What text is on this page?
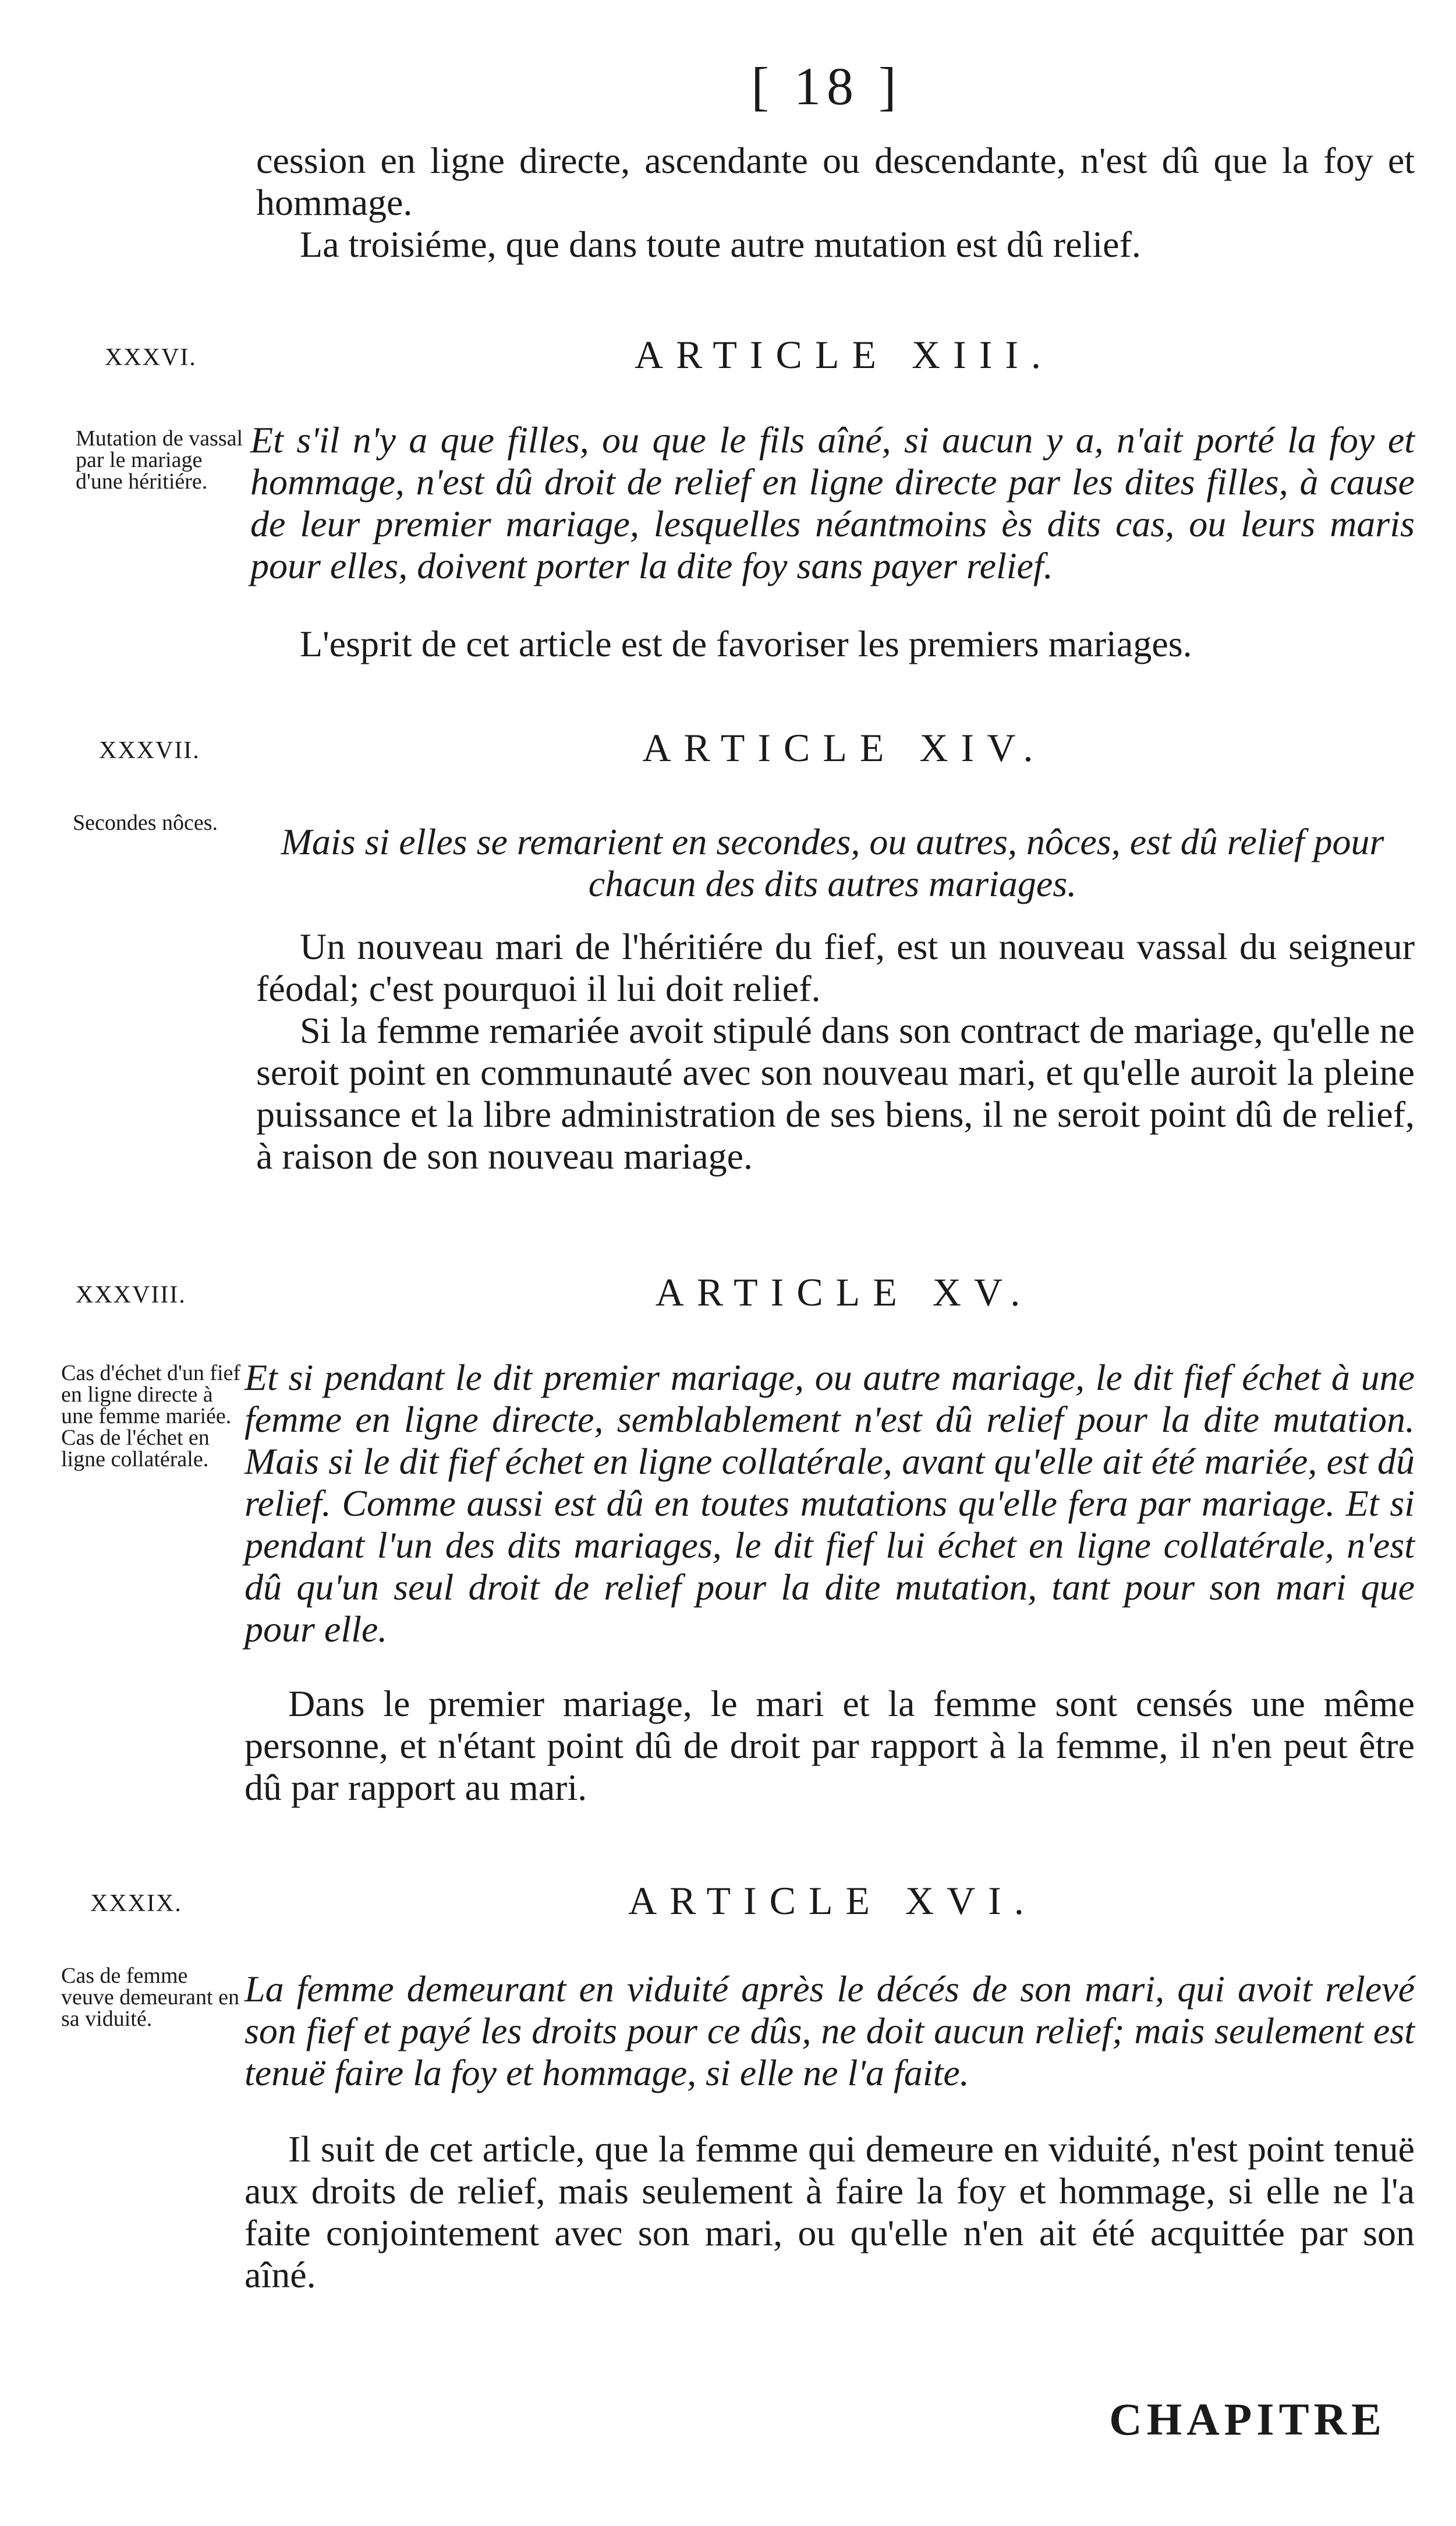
[ 18 ]

cession en ligne directe, ascendante ou descendante, n'est dû que la foy et hommage.

La troisiéme, que dans toute autre mutation est dû relief.

XXXVI.	ARTICLE XIII.
Mutation de vassal par le mariage d'une héritiére.
Et s'il n'y a que filles, ou que le fils aîné, si aucun y a, n'ait porté la foy et hommage, n'est dû droit de relief en ligne directe par les dites filles, à cause de leur premier mariage, lesquelles néantmoins ès dits cas, ou leurs maris pour elles, doivent porter la dite foy sans payer relief.

L'esprit de cet article est de favoriser les premiers mariages.

XXXVII.	ARTICLE XIV.
Secondes nôces.	Mais si elles se remarient en secondes, ou autres, nôces, est dû relief pour chacun des dits autres mariages.

Un nouveau mari de l'héritiére du fief, est un nouveau vassal du seigneur féodal; c'est pourquoi il lui doit relief.

Si la femme remariée avoit stipulé dans son contract de mariage, qu'elle ne seroit point en communauté avec son nouveau mari, et qu'elle auroit la pleine puissance et la libre administration de ses biens, il ne seroit point dû de relief, à raison de son nouveau mariage.

XXXVIII.	ARTICLE XV.
Cas d'échet d'un fief en ligne directe à une femme mariée. Cas de l'échet en ligne collatérale.
Et si pendant le dit premier mariage, ou autre mariage, le dit fief échet à une femme en ligne directe, semblablement n'est dû relief pour la dite mutation. Mais si le dit fief échet en ligne collatérale, avant qu'elle ait été mariée, est dû relief. Comme aussi est dû en toutes mutations qu'elle fera par mariage. Et si pendant l'un des dits mariages, le dit fief lui échet en ligne collatérale, n'est dû qu'un seul droit de relief pour la dite mutation, tant pour son mari que pour elle.

Dans le premier mariage, le mari et la femme sont censés une même personne, et n'étant point dû de droit par rapport à la femme, il n'en peut être dû par rapport au mari.

XXXIX.	ARTICLE XVI.
Cas de femme veuve demeurant en sa viduité.
La femme demeurant en viduité après le décés de son mari, qui avoit relevé son fief et payé les droits pour ce dûs, ne doit aucun relief; mais seulement est tenuë faire la foy et hommage, si elle ne l'a faite.

Il suit de cet article, que la femme qui demeure en viduité, n'est point tenuë aux droits de relief, mais seulement à faire la foy et hommage, si elle ne l'a faite conjointement avec son mari, ou qu'elle n'en ait été acquittée par son aîné.

CHAPITRE
